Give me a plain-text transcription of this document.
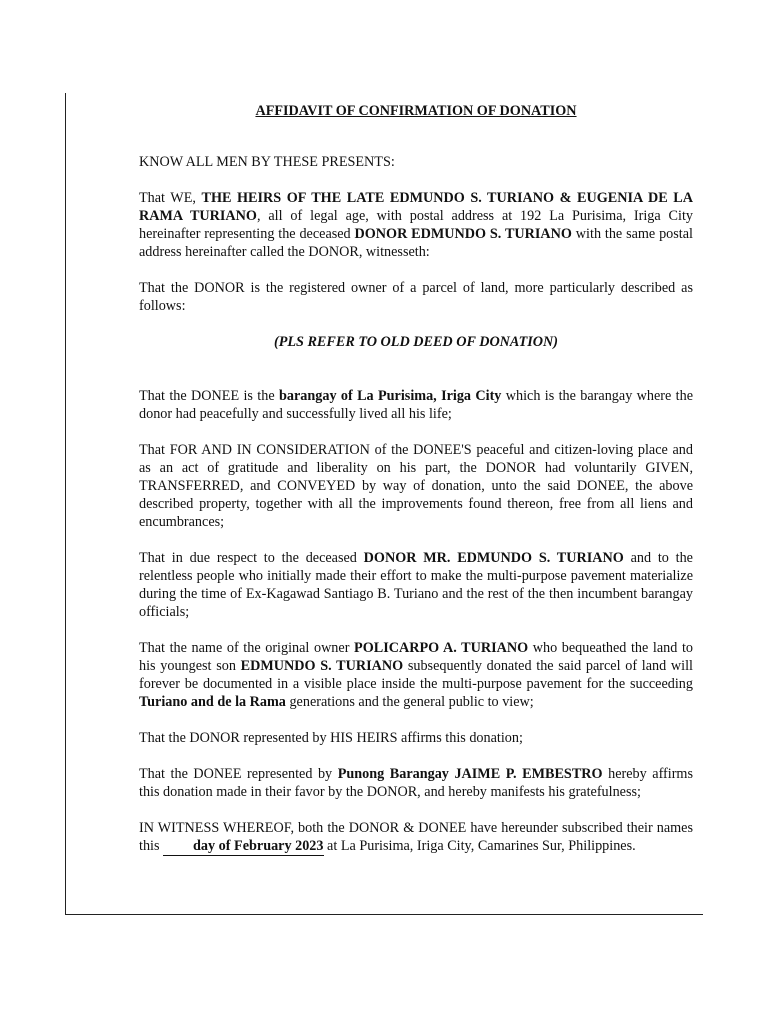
AFFIDAVIT OF CONFIRMATION OF DONATION

KNOW ALL MEN BY THESE PRESENTS:

That WE, THE HEIRS OF THE LATE EDMUNDO S. TURIANO & EUGENIA DE LA RAMA TURIANO, all of legal age, with postal address at 192 La Purisima, Iriga City hereinafter representing the deceased DONOR EDMUNDO S. TURIANO with the same postal address hereinafter called the DONOR, witnesseth:

That the DONOR is the registered owner of a parcel of land, more particularly described as follows:

(PLS REFER TO OLD DEED OF DONATION)

That the DONEE is the barangay of La Purisima, Iriga City which is the barangay where the donor had peacefully and successfully lived all his life;

That FOR AND IN CONSIDERATION of the DONEE'S peaceful and citizen-loving place and as an act of gratitude and liberality on his part, the DONOR had voluntarily GIVEN, TRANSFERRED, and CONVEYED by way of donation, unto the said DONEE, the above described property, together with all the improvements found thereon, free from all liens and encumbrances;

That in due respect to the deceased DONOR MR. EDMUNDO S. TURIANO and to the relentless people who initially made their effort to make the multi-purpose pavement materialize during the time of Ex-Kagawad Santiago B. Turiano and the rest of the then incumbent barangay officials;

That the name of the original owner POLICARPO A. TURIANO who bequeathed the land to his youngest son EDMUNDO S. TURIANO subsequently donated the said parcel of land will forever be documented in a visible place inside the multi-purpose pavement for the succeeding Turiano and de la Rama generations and the general public to view;

That the DONOR represented by HIS HEIRS affirms this donation;

That the DONEE represented by Punong Barangay JAIME P. EMBESTRO hereby affirms this donation made in their favor by the DONOR, and hereby manifests his gratefulness;

IN WITNESS WHEREOF, both the DONOR & DONEE have hereunder subscribed their names this day of February 2023 at La Purisima, Iriga City, Camarines Sur, Philippines.
